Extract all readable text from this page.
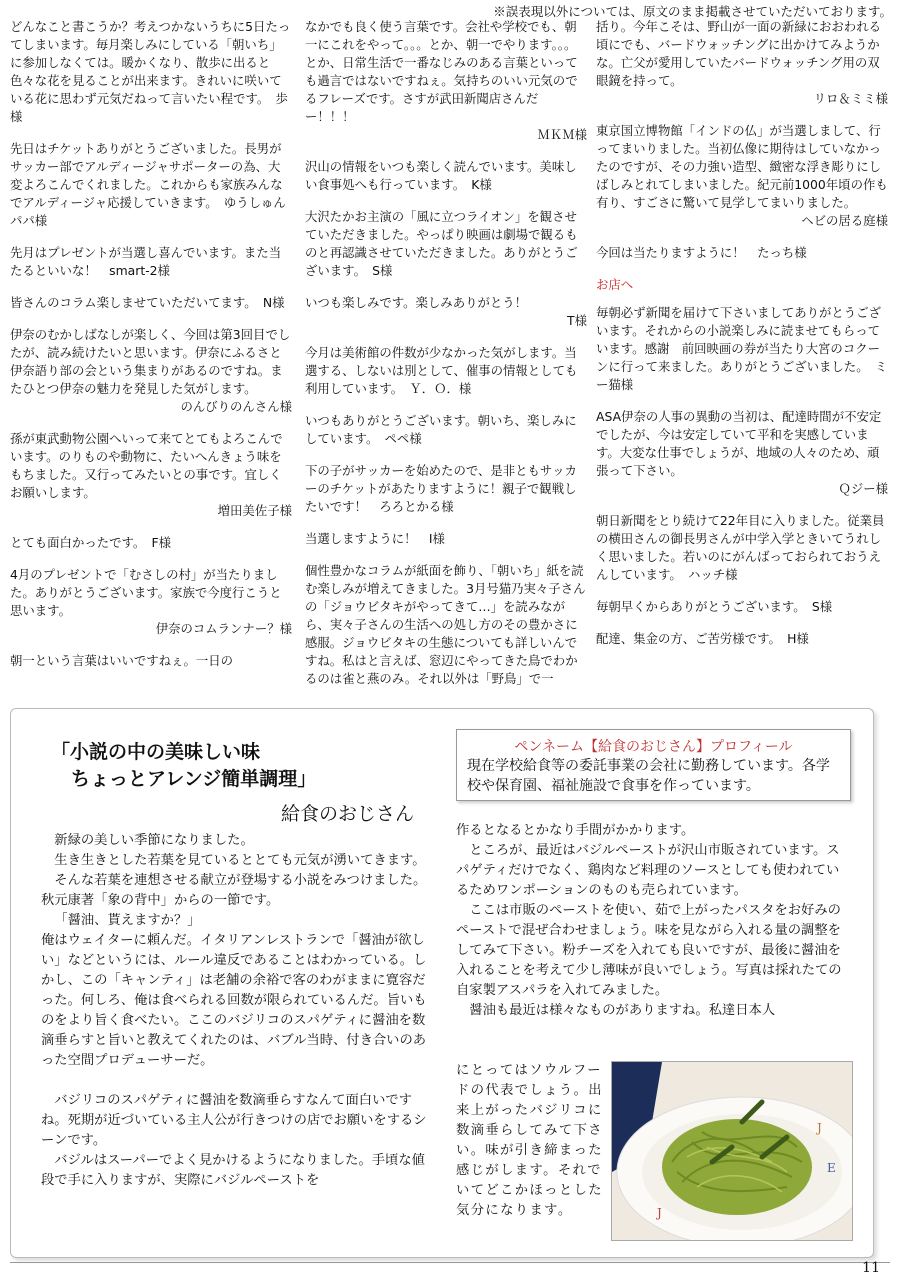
※誤表現以外については、原文のまま掲載させていただいております。
どんなこと書こうか？考えつかないうちに5日たってしまいます。毎月楽しみにしている「朝いち」に参加しなくては。暖かくなり、散歩に出ると色々な花を見ることが出来ます。きれいに咲いている花に思わず元気だねって言いたい程です。　 歩様
先日はチケットありがとうございました。長男がサッカー部でアルディージャサポーターの為、大変よろこんでくれました。これからも家族みんなでアルディージャ応援していきます。　 ゆうしゅんパパ様
先月はプレゼントが当選し喜んでいます。また当たるといいな！　 smart-2様
皆さんのコラム楽しませていただいてます。　 N様
伊奈のむかしばなしが楽しく、今回は第3回目でしたが、読み続けたいと思います。伊奈にふるさと伊奈語り部の会という集まりがあるのですね。またひとつ伊奈の魅力を発見した気がします。
のんびりのんさん様
孫が東武動物公園へいって来てとてもよろこんでいます。のりものや動物に、たいへんきょう味をもちました。又行ってみたいとの事です。宜しくお願いします。
増田美佐子様
とても面白かったです。　 F様
4月のプレゼントで「むさしの村」が当たりました。ありがとうございます。家族で今度行こうと思います。
伊奈のコムランナー？様
朝一という言葉はいいですねぇ。一日の
なかでも良く使う言葉です。会社や学校でも、朝一にこれをやって。。。とか、朝一でやります。。。とか、日常生活で一番なじみのある言葉といっても過言ではないですねぇ。気持ちのいい元気のでるフレーズです。さすが武田新聞店さんだー！！！
ＭＫＭ様
沢山の情報をいつも楽しく読んでいます。美味しい食事処へも行っています。　 K様
大沢たかお主演の「風に立つライオン」を観させていただきました。やっぱり映画は劇場で観るものと再認識させていただきました。ありがとうございます。　 S様
いつも楽しみです。楽しみありがとう！
T様
今月は美術館の件数が少なかった気がします。当選する、しないは別として、催事の情報としても利用しています。　 Ｙ．Ｏ．様
いつもありがとうございます。朝いち、楽しみにしています。　 ペペ様
下の子がサッカーを始めたので、是非ともサッカーのチケットがあたりますように！親子で観戦したいです！　 ろろとかる様
当選しますように！　 I様
個性豊かなコラムが紙面を飾り、「朝いち」紙を読む楽しみが増えてきました。3月号猫乃実々子さんの「ジョウビタキがやってきて…」を読みながら、実々子さんの生活への処し方のその豊かさに感服。ジョウビタキの生態についても詳しいんですね。私はと言えば、窓辺にやってきた鳥でわかるのは雀と燕のみ。それ以外は「野鳥」で一
括り。今年こそは、野山が一面の新緑におおわれる頃にでも、バードウォッチングに出かけてみようかな。亡父が愛用していたバードウォッチング用の双眼鏡を持って。
リロ＆ミミ様
東京国立博物館「インドの仏」が当選しまして、行ってまいりました。当初仏像に期待はしていなかったのですが、その力強い造型、緻密な浮き彫りにしばしみとれてしまいました。紀元前1000年頃の作も有り、すごさに驚いて見学してまいりました。
ヘビの居る庭様
今回は当たりますように！　 たっち様
お店へ
毎朝必ず新聞を届けて下さいましてありがとうございます。それからの小説楽しみに読ませてもらっています。感謝　前回映画の券が当たり大宮のコクーンに行って来ました。ありがとうございました。　 ミー猫様
ASA伊奈の人事の異動の当初は、配達時間が不安定でしたが、今は安定していて平和を実感しています。大変な仕事でしょうが、地域の人々のため、頑張って下さい。
Ｑジー様
朝日新聞をとり続けて22年目に入りました。従業員の横田さんの御長男さんが中学入学ときいてうれしく思いました。若いのにがんばっておられておうえんしています。　 ハッチ様
毎朝早くからありがとうございます。　 S様
配達、集金の方、ご苦労様です。　 H様
「小説の中の美味しい味
ちょっとアレンジ簡単調理」
給食のおじさん
ペンネーム【給食のおじさん】プロフィール
現在学校給食等の委託事業の会社に勤務しています。各学校や保育園、福祉施設で食事を作っています。

新緑の美しい季節になりました。

生き生きとした若葉を見ているととても元気が湧いてきます。

そんな若葉を連想させる献立が登場する小説をみつけました。

秋元康著「象の背中」からの一節です。

「醤油、貰えますか？」

俺はウェイターに頼んだ。イタリアンレストランで「醤油が欲しい」などというには、ルール違反であることはわかっている。しかし、この「キャンティ」は老舗の余裕で客のわがままに寛容だった。何しろ、俺は食べられる回数が限られているんだ。旨いものをより旨く食べたい。ここのバジリコのスパゲティに醤油を数滴垂らすと旨いと教えてくれたのは、バブル当時、付き合いのあった空間プロデューサーだ。

バジリコのスパゲティに醤油を数滴垂らすなんて面白いですね。死期が近づいている主人公が行きつけの店でお願いをするシーンです。

バジルはスーパーでよく見かけるようになりました。手頃な値段で手に入りますが、実際にバジルペーストを

作るとなるとかなり手間がかかります。

ところが、最近はバジルペーストが沢山市販されています。スパゲティだけでなく、鶏肉など料理のソースとしても使われているためワンポーションのものも売られています。

ここは市販のペーストを使い、茹で上がったパスタをお好みのペーストで混ぜ合わせましょう。味を見ながら入れる量の調整をしてみて下さい。粉チーズを入れても良いですが、最後に醤油を入れることを考えて少し薄味が良いでしょう。写真は採れたての自家製アスパラを入れてみました。

醤油も最近は様々なものがありますね。私達日本人

にとってはソウルフードの代表でしょう。出来上がったバジリコに数滴垂らしてみて下さい。味が引き締まった感じがします。それでいてどこかほっとした気分になります。
J
E
J
11
